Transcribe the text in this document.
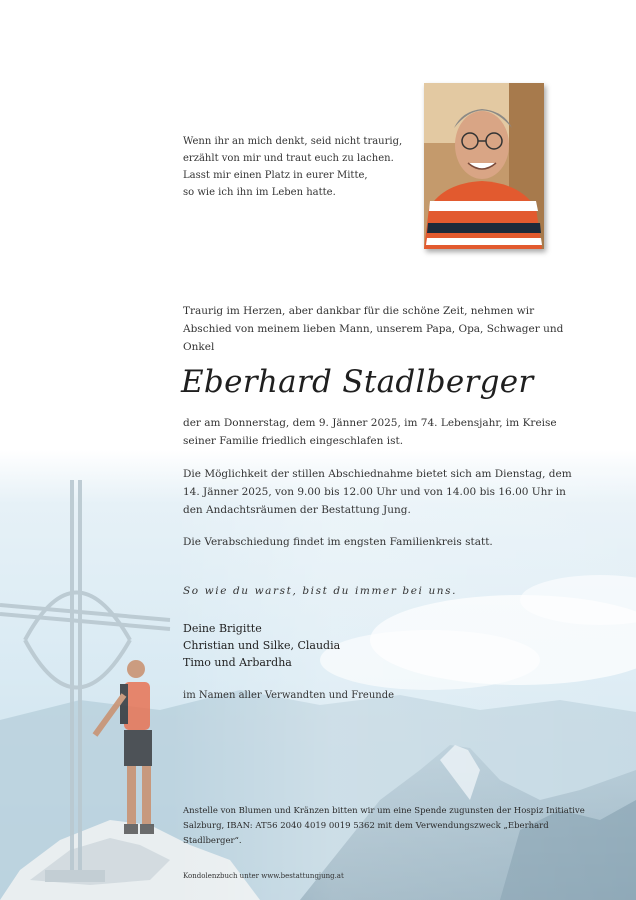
Wenn ihr an mich denkt, seid nicht traurig,
erzählt von mir und traut euch zu lachen.
Lasst mir einen Platz in eurer Mitte,
so wie ich ihn im Leben hatte.
Traurig im Herzen, aber dankbar für die schöne Zeit, nehmen wir Abschied von meinem lieben Mann, unserem Papa, Opa, Schwager und Onkel
Eberhard Stadlberger
der am Donnerstag, dem 9. Jänner 2025, im 74. Lebensjahr, im Kreise seiner Familie friedlich eingeschlafen ist.
Die Möglichkeit der stillen Abschiednahme bietet sich am Dienstag, dem 14. Jänner 2025, von 9.00 bis 12.00 Uhr und von 14.00 bis 16.00 Uhr in den Andachtsräumen der Bestattung Jung.
Die Verabschiedung findet im engsten Familienkreis statt.
So wie du warst, bist du immer bei uns.
Deine Brigitte
Christian und Silke, Claudia
Timo und Arbardha
im Namen aller Verwandten und Freunde
Anstelle von Blumen und Kränzen bitten wir um eine Spende zugunsten der Hospiz Initiative Salzburg, IBAN: AT56 2040 4019 0019 5362 mit dem Verwendungszweck „Eberhard Stadlberger“.
Kondolenzbuch unter www.bestattungjung.at
